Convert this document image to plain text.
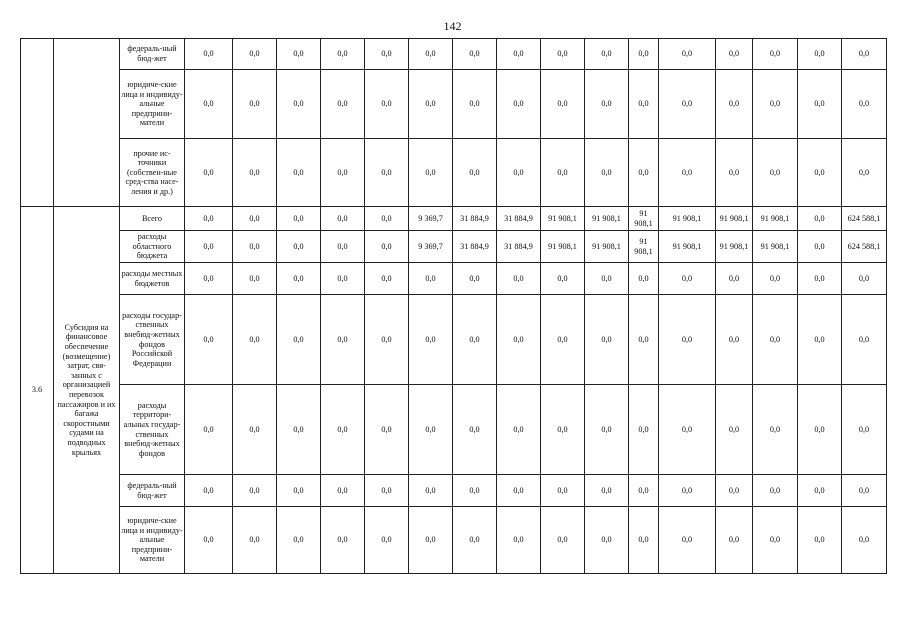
142
		федераль-ный бюд-жет	0,0	0,0	0,0	0,0	0,0	0,0	0,0	0,0	0,0	0,0	0,0	0,0	0,0	0,0	0,0	0,0
		юридиче-ские лица и индивиду-альные предприни-матели	0,0	0,0	0,0	0,0	0,0	0,0	0,0	0,0	0,0	0,0	0,0	0,0	0,0	0,0	0,0	0,0
		прочие ис-точники (собствен-ные сред-ства насе-ления и др.)	0,0	0,0	0,0	0,0	0,0	0,0	0,0	0,0	0,0	0,0	0,0	0,0	0,0	0,0	0,0	0,0
3.6	Субсидия на финансовое обеспечение (возмещение) затрат, свя-занных с организацией перевозок пассажиров и их багажа скоростными судами на подводных крыльях	Всего	0,0	0,0	0,0	0,0	0,0	9 369,7	31 884,9	31 884,9	91 908,1	91 908,1	91 908,1	91 908,1	91 908,1	91 908,1	0,0	624 588,1
		расходы областного бюджета	0,0	0,0	0,0	0,0	0,0	9 369,7	31 884,9	31 884,9	91 908,1	91 908,1	91 908,1	91 908,1	91 908,1	91 908,1	0,0	624 588,1
		расходы местных бюджетов	0,0	0,0	0,0	0,0	0,0	0,0	0,0	0,0	0,0	0,0	0,0	0,0	0,0	0,0	0,0	0,0
		расходы государ-ственных внебюд-жетных фондов Российской Федерации	0,0	0,0	0,0	0,0	0,0	0,0	0,0	0,0	0,0	0,0	0,0	0,0	0,0	0,0	0,0	0,0
		расходы территори-альных государ-ственных внебюд-жетных фондов	0,0	0,0	0,0	0,0	0,0	0,0	0,0	0,0	0,0	0,0	0,0	0,0	0,0	0,0	0,0	0,0
		федераль-ный бюд-жет	0,0	0,0	0,0	0,0	0,0	0,0	0,0	0,0	0,0	0,0	0,0	0,0	0,0	0,0	0,0	0,0
		юридиче-ские лица и индивиду-альные предприни-матели	0,0	0,0	0,0	0,0	0,0	0,0	0,0	0,0	0,0	0,0	0,0	0,0	0,0	0,0	0,0	0,0
